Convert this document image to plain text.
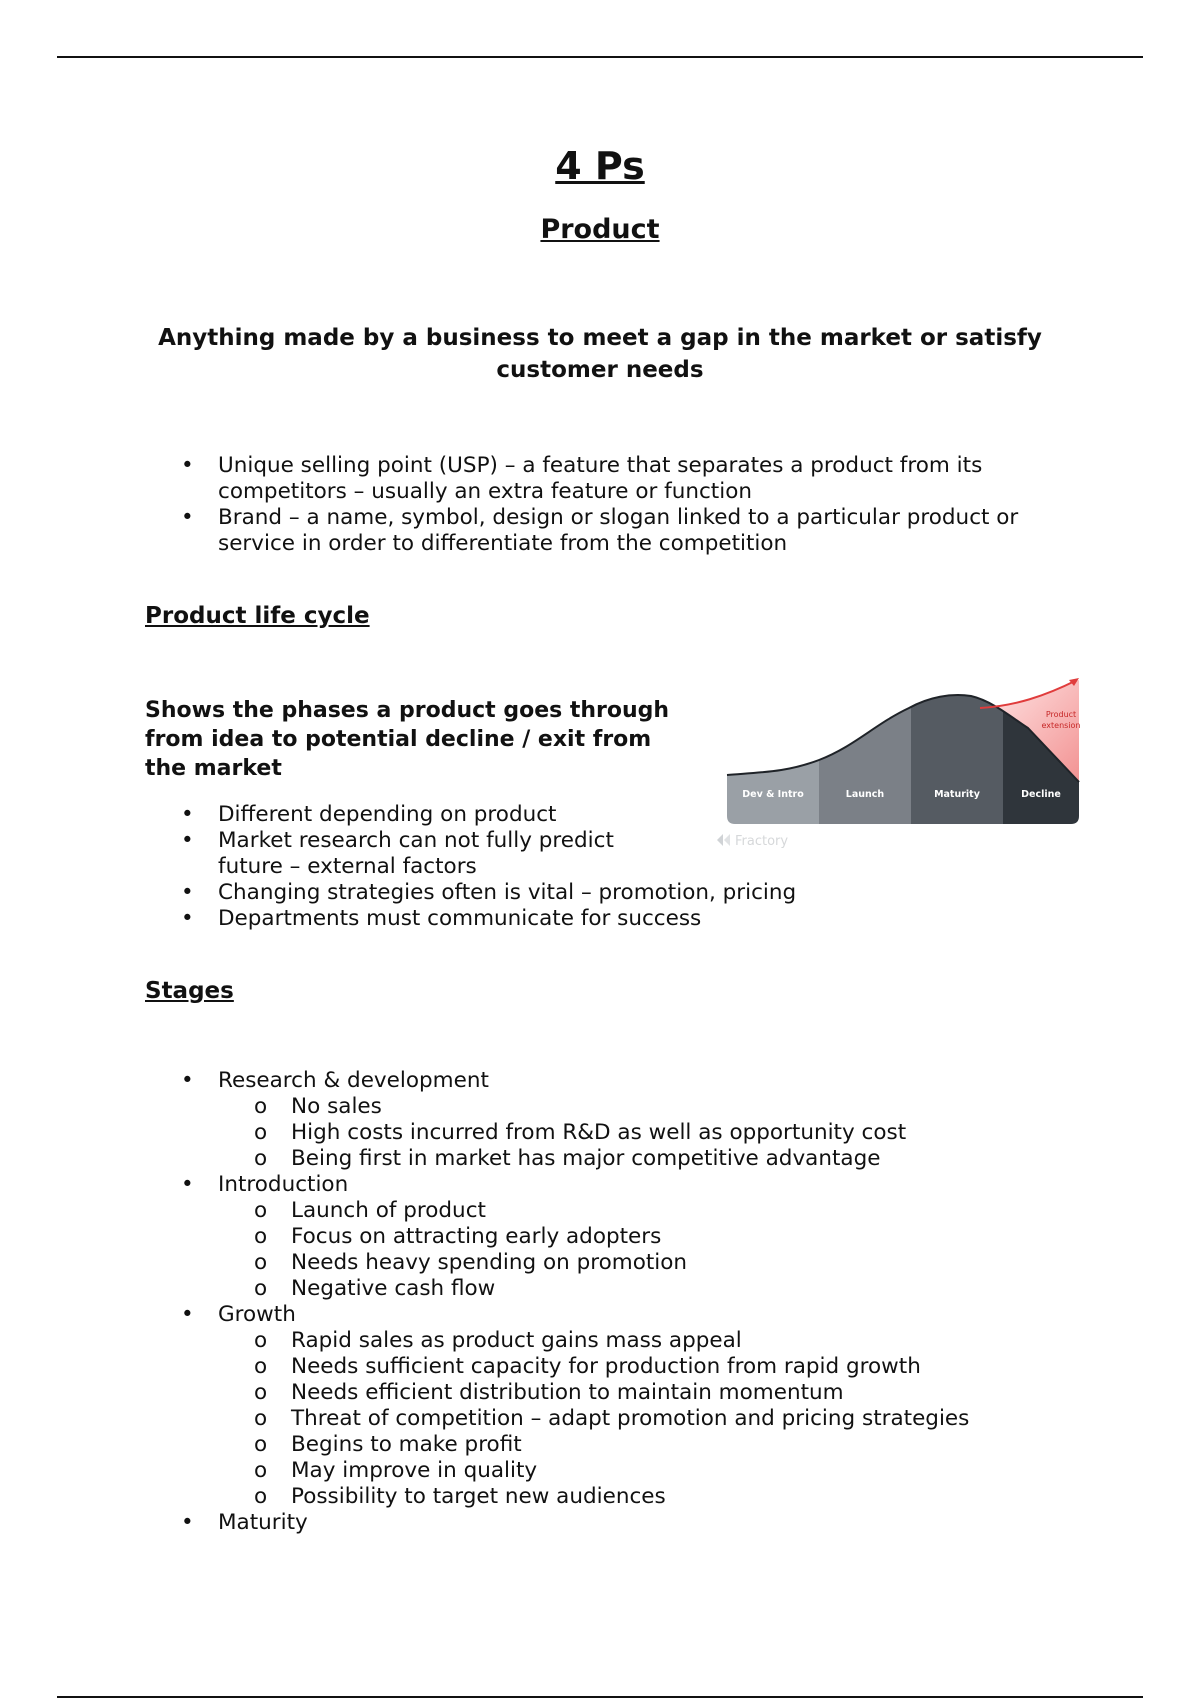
4 Ps
Product

Anything made by a business to meet a gap in the market or satisfy customer needs

• Unique selling point (USP) – a feature that separates a product from its competitors – usually an extra feature or function
• Brand – a name, symbol, design or slogan linked to a particular product or service in order to differentiate from the competition
Product life cycle

Shows the phases a product goes through from idea to potential decline / exit from the market

Product
extension
Dev & Intro	Launch	Maturity	Decline
Fractory
• Different depending on product
• Market research can not fully predict future – external factors
• Changing strategies often is vital – promotion, pricing
• Departments must communicate for success
Stages
• Research & development
o No sales
o High costs incurred from R&D as well as opportunity cost
o Being first in market has major competitive advantage
• Introduction
o Launch of product
o Focus on attracting early adopters
o Needs heavy spending on promotion
o Negative cash flow
• Growth
o Rapid sales as product gains mass appeal
o Needs sufficient capacity for production from rapid growth
o Needs efficient distribution to maintain momentum
o Threat of competition – adapt promotion and pricing strategies
o Begins to make profit
o May improve in quality
o Possibility to target new audiences
• Maturity
